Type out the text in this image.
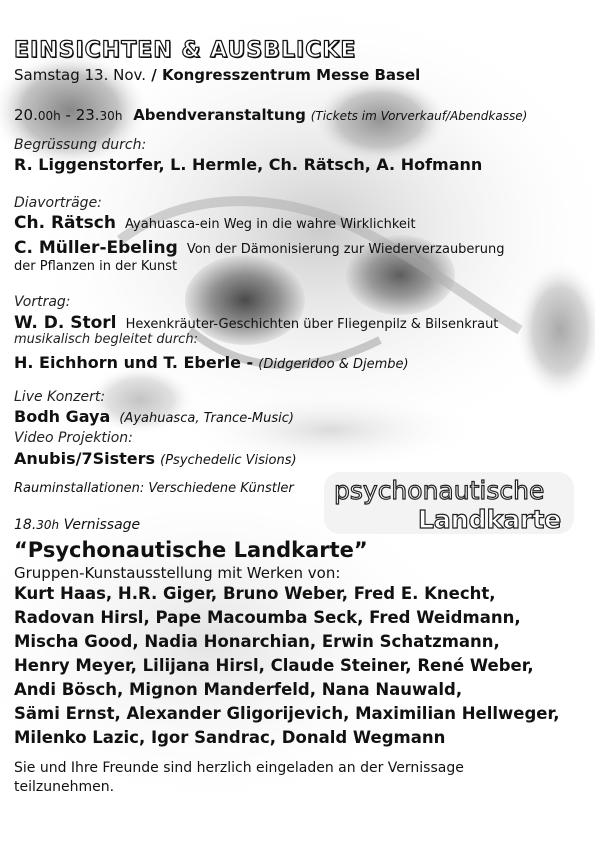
EINSICHTEN & AUSBLICKE
Samstag 13. Nov. / Kongresszentrum Messe Basel
20.00h - 23.30h Abendveranstaltung (Tickets im Vorverkauf/Abendkasse)
Begrüssung durch:
R. Liggenstorfer, L. Hermle, Ch. Rätsch, A. Hofmann
Diavorträge:
Ch. Rätsch Ayahuasca-ein Weg in die wahre Wirklichkeit
C. Müller-Ebeling Von der Dämonisierung zur Wiederverzauberung
der Pflanzen in der Kunst
Vortrag:
W. D. Storl Hexenkräuter-Geschichten über Fliegenpilz & Bilsenkraut
musikalisch begleitet durch:
H. Eichhorn und T. Eberle - (Didgeridoo & Djembe)
Live Konzert:
Bodh Gaya (Ayahuasca, Trance-Music)
Video Projektion:
Anubis/7Sisters (Psychedelic Visions)
Rauminstallationen: Verschiedene Künstler psychonautische
Landkarte
18.30h Vernissage
“Psychonautische Landkarte”
Gruppen-Kunstausstellung mit Werken von:
Kurt Haas, H.R. Giger, Bruno Weber, Fred E. Knecht,
Radovan Hirsl, Pape Macoumba Seck, Fred Weidmann,
Mischa Good, Nadia Honarchian, Erwin Schatzmann,
Henry Meyer, Lilijana Hirsl, Claude Steiner, René Weber,
Andi Bösch, Mignon Manderfeld, Nana Nauwald,
Sämi Ernst, Alexander Gligorijevich, Maximilian Hellweger,
Milenko Lazic, Igor Sandrac, Donald Wegmann
Sie und Ihre Freunde sind herzlich eingeladen an der Vernissage
teilzunehmen.
